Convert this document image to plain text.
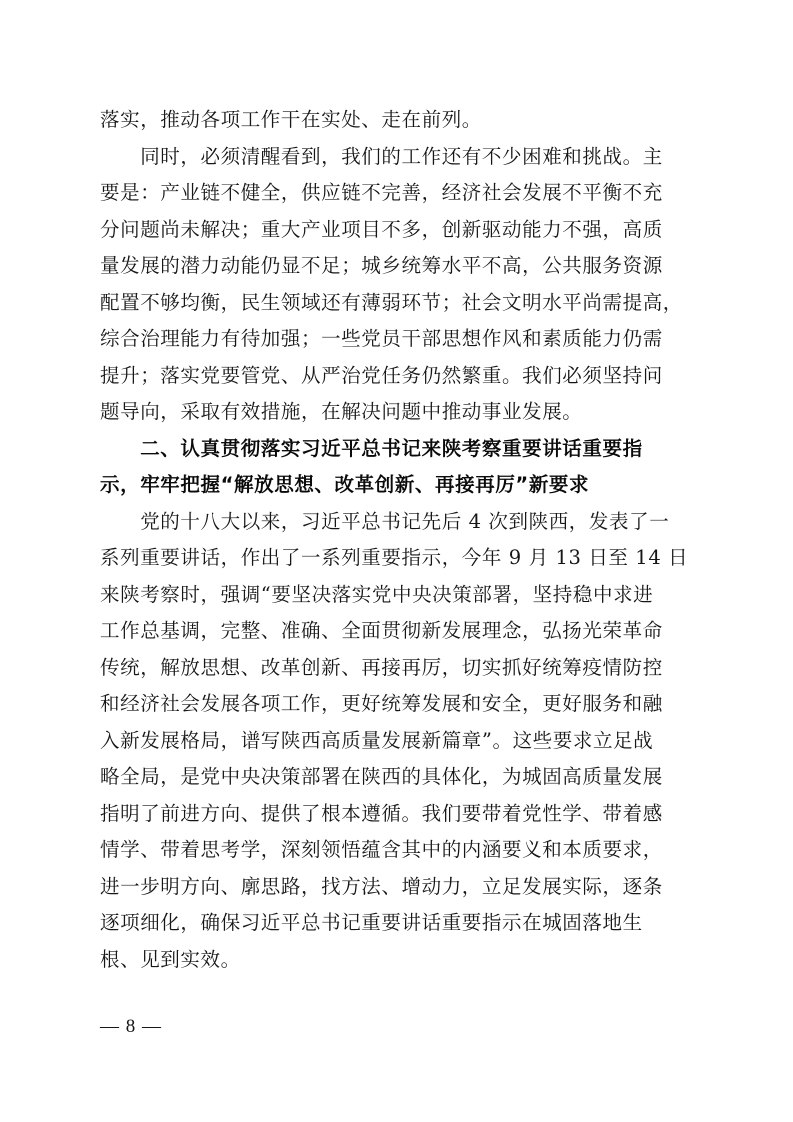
落实，推动各项工作干在实处、走在前列。
　　同时，必须清醒看到，我们的工作还有不少困难和挑战。主
要是：产业链不健全，供应链不完善，经济社会发展不平衡不充
分问题尚未解决；重大产业项目不多，创新驱动能力不强，高质
量发展的潜力动能仍显不足；城乡统筹水平不高，公共服务资源
配置不够均衡，民生领域还有薄弱环节；社会文明水平尚需提高，
综合治理能力有待加强；一些党员干部思想作风和素质能力仍需
提升；落实党要管党、从严治党任务仍然繁重。我们必须坚持问
题导向，采取有效措施，在解决问题中推动事业发展。
　　二、认真贯彻落实习近平总书记来陕考察重要讲话重要指
示，牢牢把握“解放思想、改革创新、再接再厉”新要求
　　党的十八大以来，习近平总书记先后 4 次到陕西，发表了一
系列重要讲话，作出了一系列重要指示，今年 9 月 13 日至 14 日
来陕考察时，强调“要坚决落实党中央决策部署，坚持稳中求进
工作总基调，完整、准确、全面贯彻新发展理念，弘扬光荣革命
传统，解放思想、改革创新、再接再厉，切实抓好统筹疫情防控
和经济社会发展各项工作，更好统筹发展和安全，更好服务和融
入新发展格局，谱写陕西高质量发展新篇章”。这些要求立足战
略全局，是党中央决策部署在陕西的具体化，为城固高质量发展
指明了前进方向、提供了根本遵循。我们要带着党性学、带着感
情学、带着思考学，深刻领悟蕴含其中的内涵要义和本质要求，
进一步明方向、廓思路，找方法、增动力，立足发展实际，逐条
逐项细化，确保习近平总书记重要讲话重要指示在城固落地生
根、见到实效。
— 8 —
